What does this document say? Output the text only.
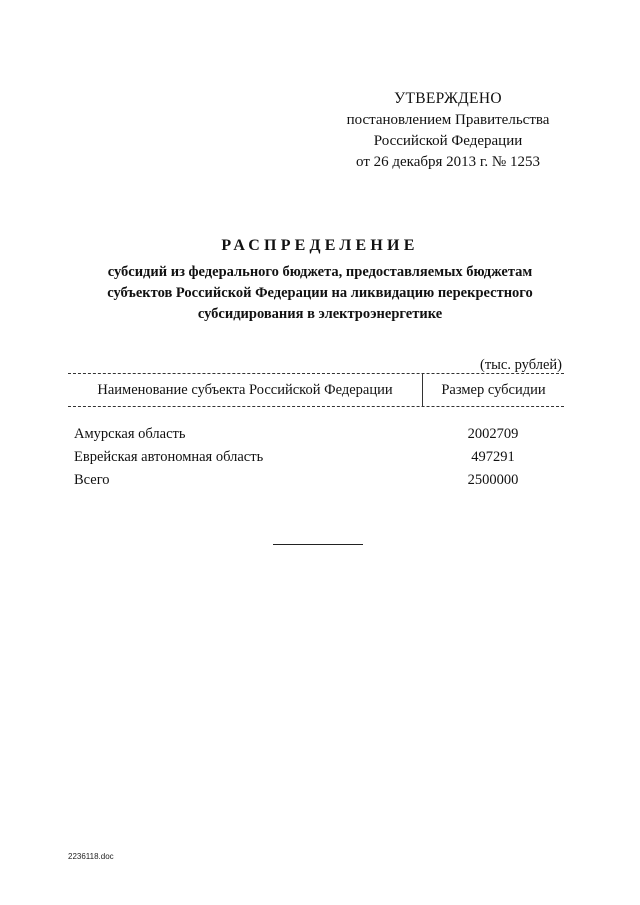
УТВЕРЖДЕНО
постановлением Правительства
Российской Федерации
от 26 декабря 2013 г. № 1253
РАСПРЕДЕЛЕНИЕ
субсидий из федерального бюджета, предоставляемых бюджетам
субъектов Российской Федерации на ликвидацию перекрестного
субсидирования в электроэнергетике
(тыс. рублей)
Наименование субъекта Российской Федерации	Размер субсидии
Амурская область	2002709
Еврейская автономная область	497291
Всего	2500000
2236118.doc
